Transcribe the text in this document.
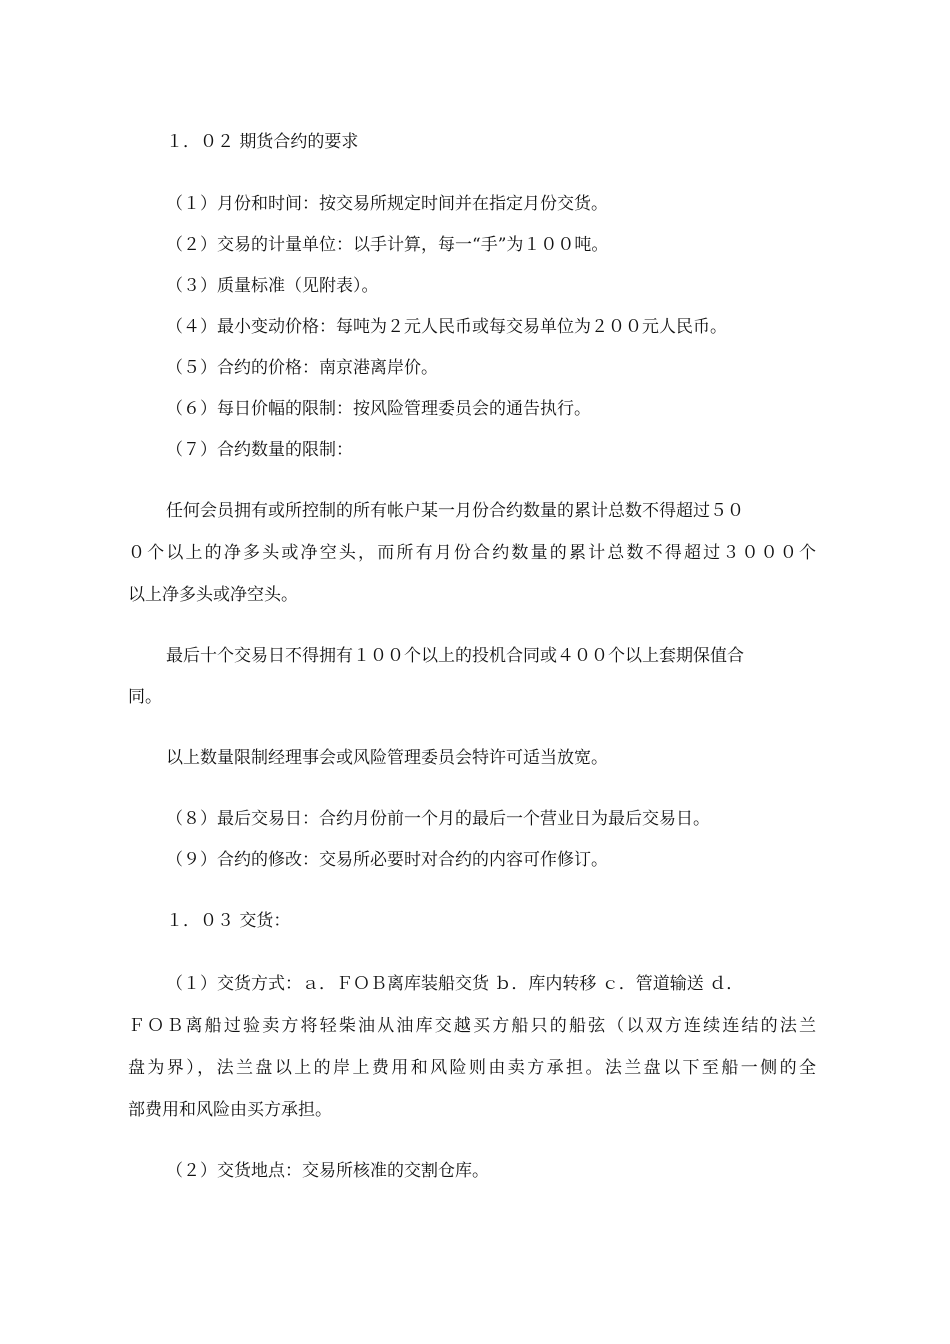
１．０２ 期货合约的要求

（１）月份和时间：按交易所规定时间并在指定月份交货。

（２）交易的计量单位：以手计算，每一“手”为１００吨。

（３）质量标准（见附表）。

（４）最小变动价格：每吨为２元人民币或每交易单位为２００元人民币。

（５）合约的价格：南京港离岸价。

（６）每日价幅的限制：按风险管理委员会的通告执行。

（７）合约数量的限制：

任何会员拥有或所控制的所有帐户某一月份合约数量的累计总数不得超过５０

０个以上的净多头或净空头，而所有月份合约数量的累计总数不得超过３０００个

以上净多头或净空头。

最后十个交易日不得拥有１００个以上的投机合同或４００个以上套期保值合

同。

以上数量限制经理事会或风险管理委员会特许可适当放宽。

（８）最后交易日：合约月份前一个月的最后一个营业日为最后交易日。

（９）合约的修改：交易所必要时对合约的内容可作修订。

１．０３ 交货：

（１）交货方式：ａ．ＦＯＢ离库装船交货 ｂ．库内转移 ｃ．管道输送 ｄ．

ＦＯＢ离船过验卖方将轻柴油从油库交越买方船只的船弦（以双方连续连结的法兰

盘为界），法兰盘以上的岸上费用和风险则由卖方承担。法兰盘以下至船一侧的全

部费用和风险由买方承担。

（２）交货地点：交易所核准的交割仓库。
